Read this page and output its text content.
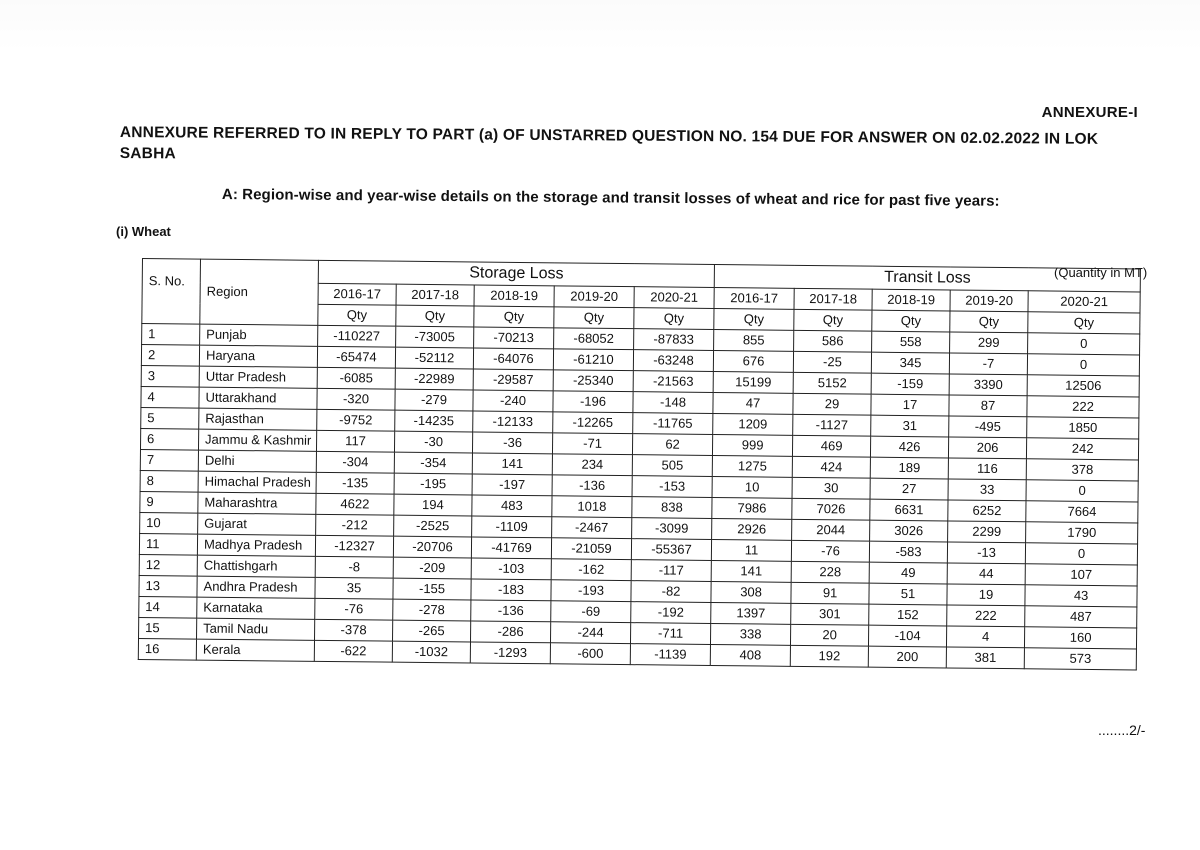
ANNEXURE-I
ANNEXURE REFERRED TO IN REPLY TO PART (a) OF UNSTARRED QUESTION NO. 154 DUE FOR ANSWER ON 02.02.2022 IN LOK SABHA
A: Region-wise and year-wise details on the storage and transit losses of wheat and rice for past five years:
(i) Wheat
(Quantity in MT)
S. No.	Region	Storage Loss					Transit Loss				
		2016-17	2017-18	2018-19	2019-20	2020-21	2016-17	2017-18	2018-19	2019-20	2020-21
		Qty	Qty	Qty	Qty	Qty	Qty	Qty	Qty	Qty	Qty
1	Punjab	-110227	-73005	-70213	-68052	-87833	855	586	558	299	0
2	Haryana	-65474	-52112	-64076	-61210	-63248	676	-25	345	-7	0
3	Uttar Pradesh	-6085	-22989	-29587	-25340	-21563	15199	5152	-159	3390	12506
4	Uttarakhand	-320	-279	-240	-196	-148	47	29	17	87	222
5	Rajasthan	-9752	-14235	-12133	-12265	-11765	1209	-1127	31	-495	1850
6	Jammu & Kashmir	117	-30	-36	-71	62	999	469	426	206	242
7	Delhi	-304	-354	141	234	505	1275	424	189	116	378
8	Himachal Pradesh	-135	-195	-197	-136	-153	10	30	27	33	0
9	Maharashtra	4622	194	483	1018	838	7986	7026	6631	6252	7664
10	Gujarat	-212	-2525	-1109	-2467	-3099	2926	2044	3026	2299	1790
11	Madhya Pradesh	-12327	-20706	-41769	-21059	-55367	11	-76	-583	-13	0
12	Chattishgarh	-8	-209	-103	-162	-117	141	228	49	44	107
13	Andhra Pradesh	35	-155	-183	-193	-82	308	91	51	19	43
14	Karnataka	-76	-278	-136	-69	-192	1397	301	152	222	487
15	Tamil Nadu	-378	-265	-286	-244	-711	338	20	-104	4	160
16	Kerala	-622	-1032	-1293	-600	-1139	408	192	200	381	573
........2/-
